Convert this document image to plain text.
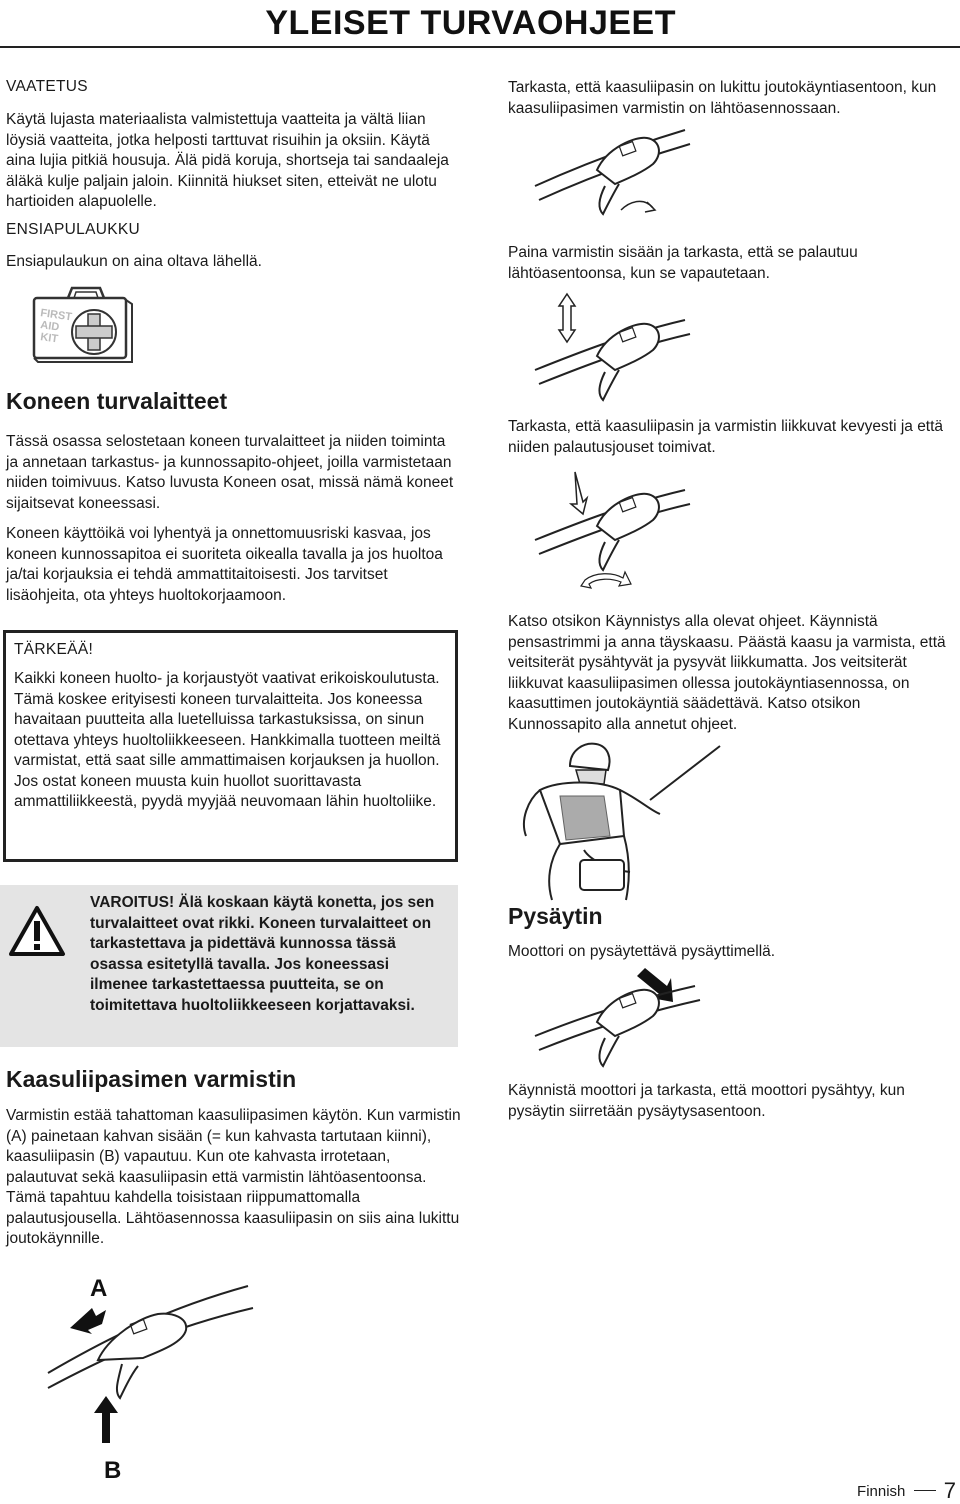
YLEISET TURVAOHJEET
VAATETUS

Käytä lujasta materiaalista valmistettuja vaatteita ja vältä liian löysiä vaatteita, jotka helposti tarttuvat risuihin ja oksiin. Käytä aina lujia pitkiä housuja. Älä pidä koruja, shortseja tai sandaaleja äläkä kulje paljain jaloin. Kiinnitä hiukset siten, etteivät ne ulotu hartioiden alapuolelle.

ENSIAPULAUKKU

Ensiapulaukun on aina oltava lähellä.

FIRST
AID
KIT
Koneen turvalaitteet

Tässä osassa selostetaan koneen turvalaitteet ja niiden toiminta ja annetaan tarkastus- ja kunnossapito-ohjeet, joilla varmistetaan niiden toimivuus. Katso luvusta Koneen osat, missä nämä koneet sijaitsevat koneessasi.

Koneen käyttöikä voi lyhentyä ja onnettomuusriski kasvaa, jos koneen kunnossapitoa ei suoriteta oikealla tavalla ja jos huoltoa ja/tai korjauksia ei tehdä ammattitaitoisesti. Jos tarvitset lisäohjeita, ota yhteys huoltokorjaamoon.

TÄRKEÄÄ!

Kaikki koneen huolto- ja korjaustyöt vaativat erikoiskoulutusta. Tämä koskee erityisesti koneen turvalaitteita. Jos koneessa havaitaan puutteita alla luetelluissa tarkastuksissa, on sinun otettava yhteys huoltoliikkeeseen. Hankkimalla tuotteen meiltä varmistat, että saat sille ammattimaisen korjauksen ja huollon. Jos ostat koneen muusta kuin huollot suorittavasta ammattiliikkeestä, pyydä myyjää neuvomaan lähin huoltoliike.

VAROITUS! Älä koskaan käytä konetta, jos sen turvalaitteet ovat rikki. Koneen turvalaitteet on tarkastettava ja pidettävä kunnossa tässä osassa esitetyllä tavalla. Jos koneessasi ilmenee tarkastettaessa puutteita, se on toimitettava huoltoliikkeeseen korjattavaksi.

Kaasuliipasimen varmistin

Varmistin estää tahattoman kaasuliipasimen käytön. Kun varmistin (A) painetaan kahvan sisään (= kun kahvasta tartutaan kiinni), kaasuliipasin (B) vapautuu. Kun ote kahvasta irrotetaan, palautuvat sekä kaasuliipasin että varmistin lähtöasentoonsa. Tämä tapahtuu kahdella toisistaan riippumattomalla palautusjousella. Lähtöasennossa kaasuliipasin on siis aina lukittu joutokäynnille.

A
B

Tarkasta, että kaasuliipasin on lukittu joutokäyntiasentoon, kun kaasuliipasimen varmistin on lähtöasennossaan.

Paina varmistin sisään ja tarkasta, että se palautuu lähtöasentoonsa, kun se vapautetaan.

Tarkasta, että kaasuliipasin ja varmistin liikkuvat kevyesti ja että niiden palautusjouset toimivat.

Katso otsikon Käynnistys alla olevat ohjeet. Käynnistä pensastrimmi ja anna täyskaasu. Päästä kaasu ja varmista, että veitsiterät pysähtyvät ja pysyvät liikkumatta. Jos veitsiterät liikkuvat kaasuliipasimen ollessa joutokäyntiasennossa, on kaasuttimen joutokäyntiä säädettävä. Katso otsikon Kunnossapito alla annetut ohjeet.

Pysäytin

Moottori on pysäytettävä pysäyttimellä.

Käynnistä moottori ja tarkasta, että moottori pysähtyy, kun pysäytin siirretään pysäytysasentoon.

Finnish 7
